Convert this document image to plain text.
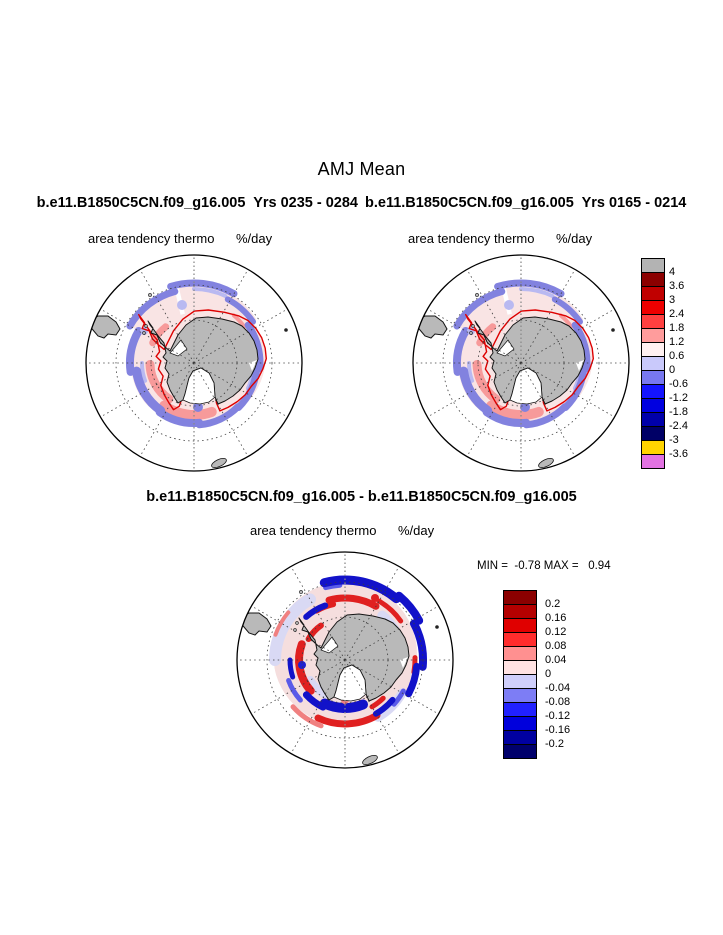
AMJ Mean
b.e11.B1850C5CN.f09_g16.005  Yrs 0235 - 0284 b.e11.B1850C5CN.f09_g16.005  Yrs 0165 - 0214
area tendency thermo %/day	area tendency thermo %/day
area tendency thermo %/day
b.e11.B1850C5CN.f09_g16.005 - b.e11.B1850C5CN.f09_g16.005
MIN =  -0.78 MAX =   0.94
4
3.6
3
2.4
1.8
1.2
0.6
0
-0.6
-1.2
-1.8
-2.4
-3
-3.6
0.2
0.16
0.12
0.08
0.04
0
-0.04
-0.08
-0.12
-0.16
-0.2
